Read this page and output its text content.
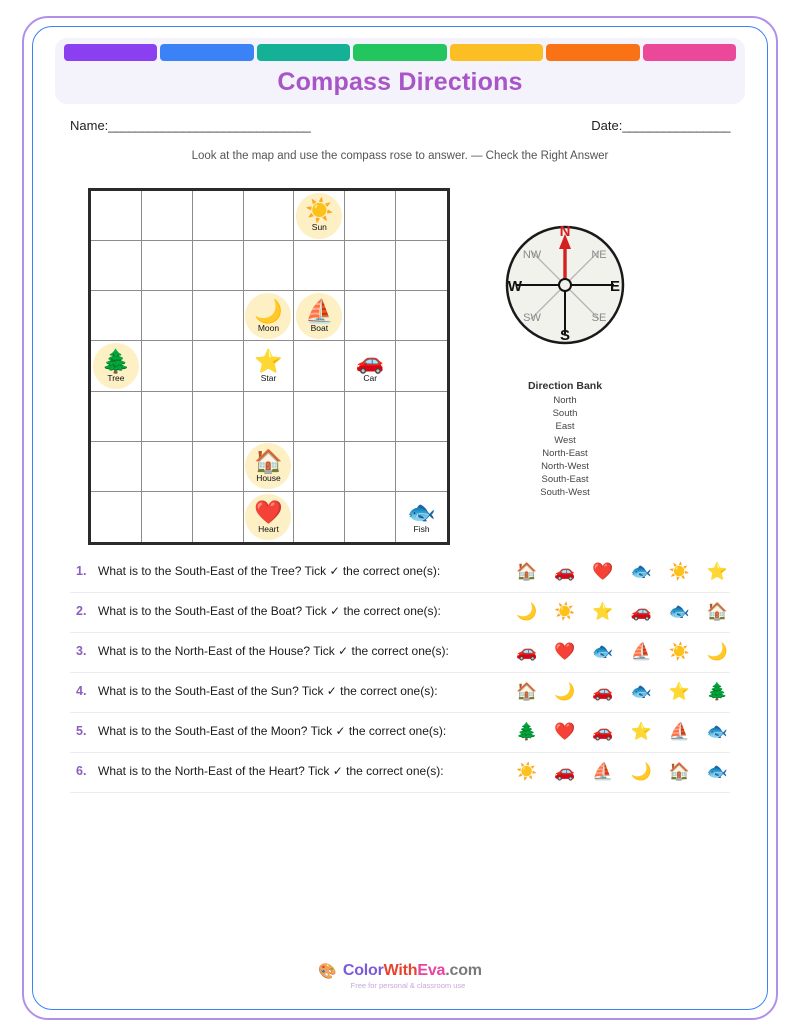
Compass Directions
Name:______________________________	Date:________________
Look at the map and use the compass rose to answer. — Check the Right Answer
☀️
Sun
🌙
Moon
⛵
Boat
🌲
Tree
⭐
Star
🚗
Car
🏠
House
❤️
Heart
🐟
Fish
N
S
E
W
NW	NE
SW	SE
Direction Bank
North
South
East
West
North-East
North-West
South-East
South-West
1. What is to the South-East of the Tree? Tick ✓ the correct one(s):	🏠 🚗 ❤️ 🐟 ☀️ ⭐
2. What is to the South-East of the Boat? Tick ✓ the correct one(s):	🌙 ☀️ ⭐ 🚗 🐟 🏠
3. What is to the North-East of the House? Tick ✓ the correct one(s):	🚗 ❤️ 🐟 ⛵ ☀️ 🌙
4. What is to the South-East of the Sun? Tick ✓ the correct one(s):	🏠 🌙 🚗 🐟 ⭐ 🌲
5. What is to the South-East of the Moon? Tick ✓ the correct one(s):	🌲 ❤️ 🚗 ⭐ ⛵ 🐟
6. What is to the North-East of the Heart? Tick ✓ the correct one(s):	☀️ 🚗 ⛵ 🌙 🏠 🐟
🎨 ColorWithEva.com
Free for personal & classroom use
